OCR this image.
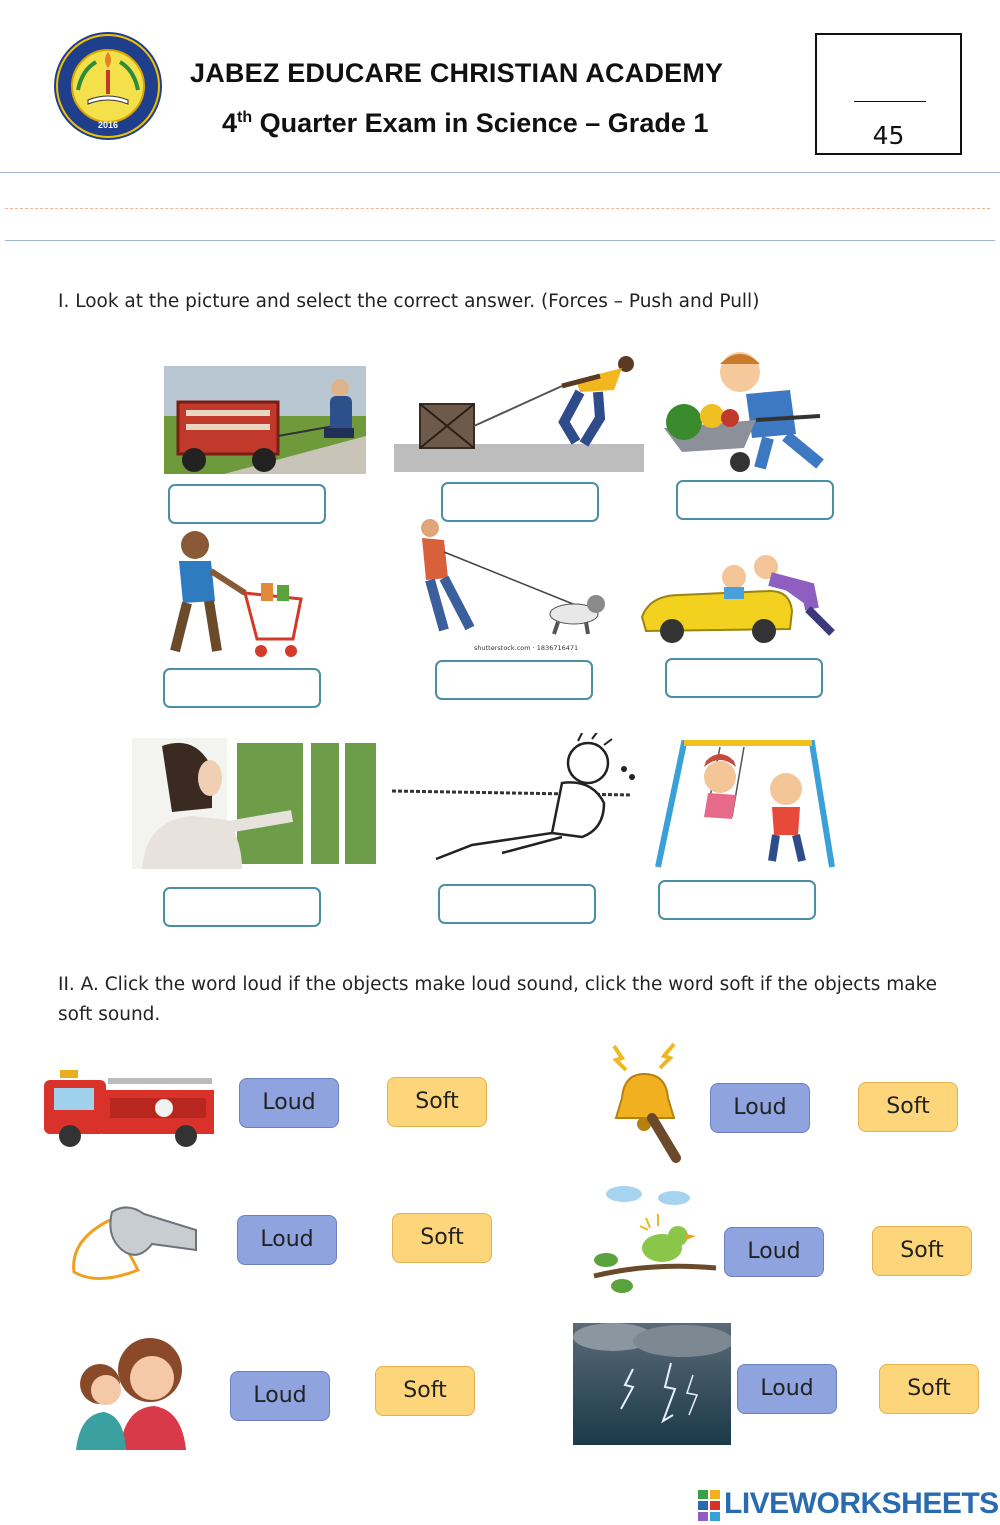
2016
JABEZ EDUCARE CHRISTIAN ACADEMY
4th Quarter Exam in Science – Grade 1	45
I. Look at the picture and select the correct answer. (Forces – Push and Pull)
shutterstock.com · 1836716471
II. A. Click the word loud if the objects make loud sound, click the word soft if the objects make soft sound.
Loud	Soft	Loud	Soft
Loud	Soft
Loud	Soft
Loud	Soft	Loud	Soft
LIVEWORKSHEETS
